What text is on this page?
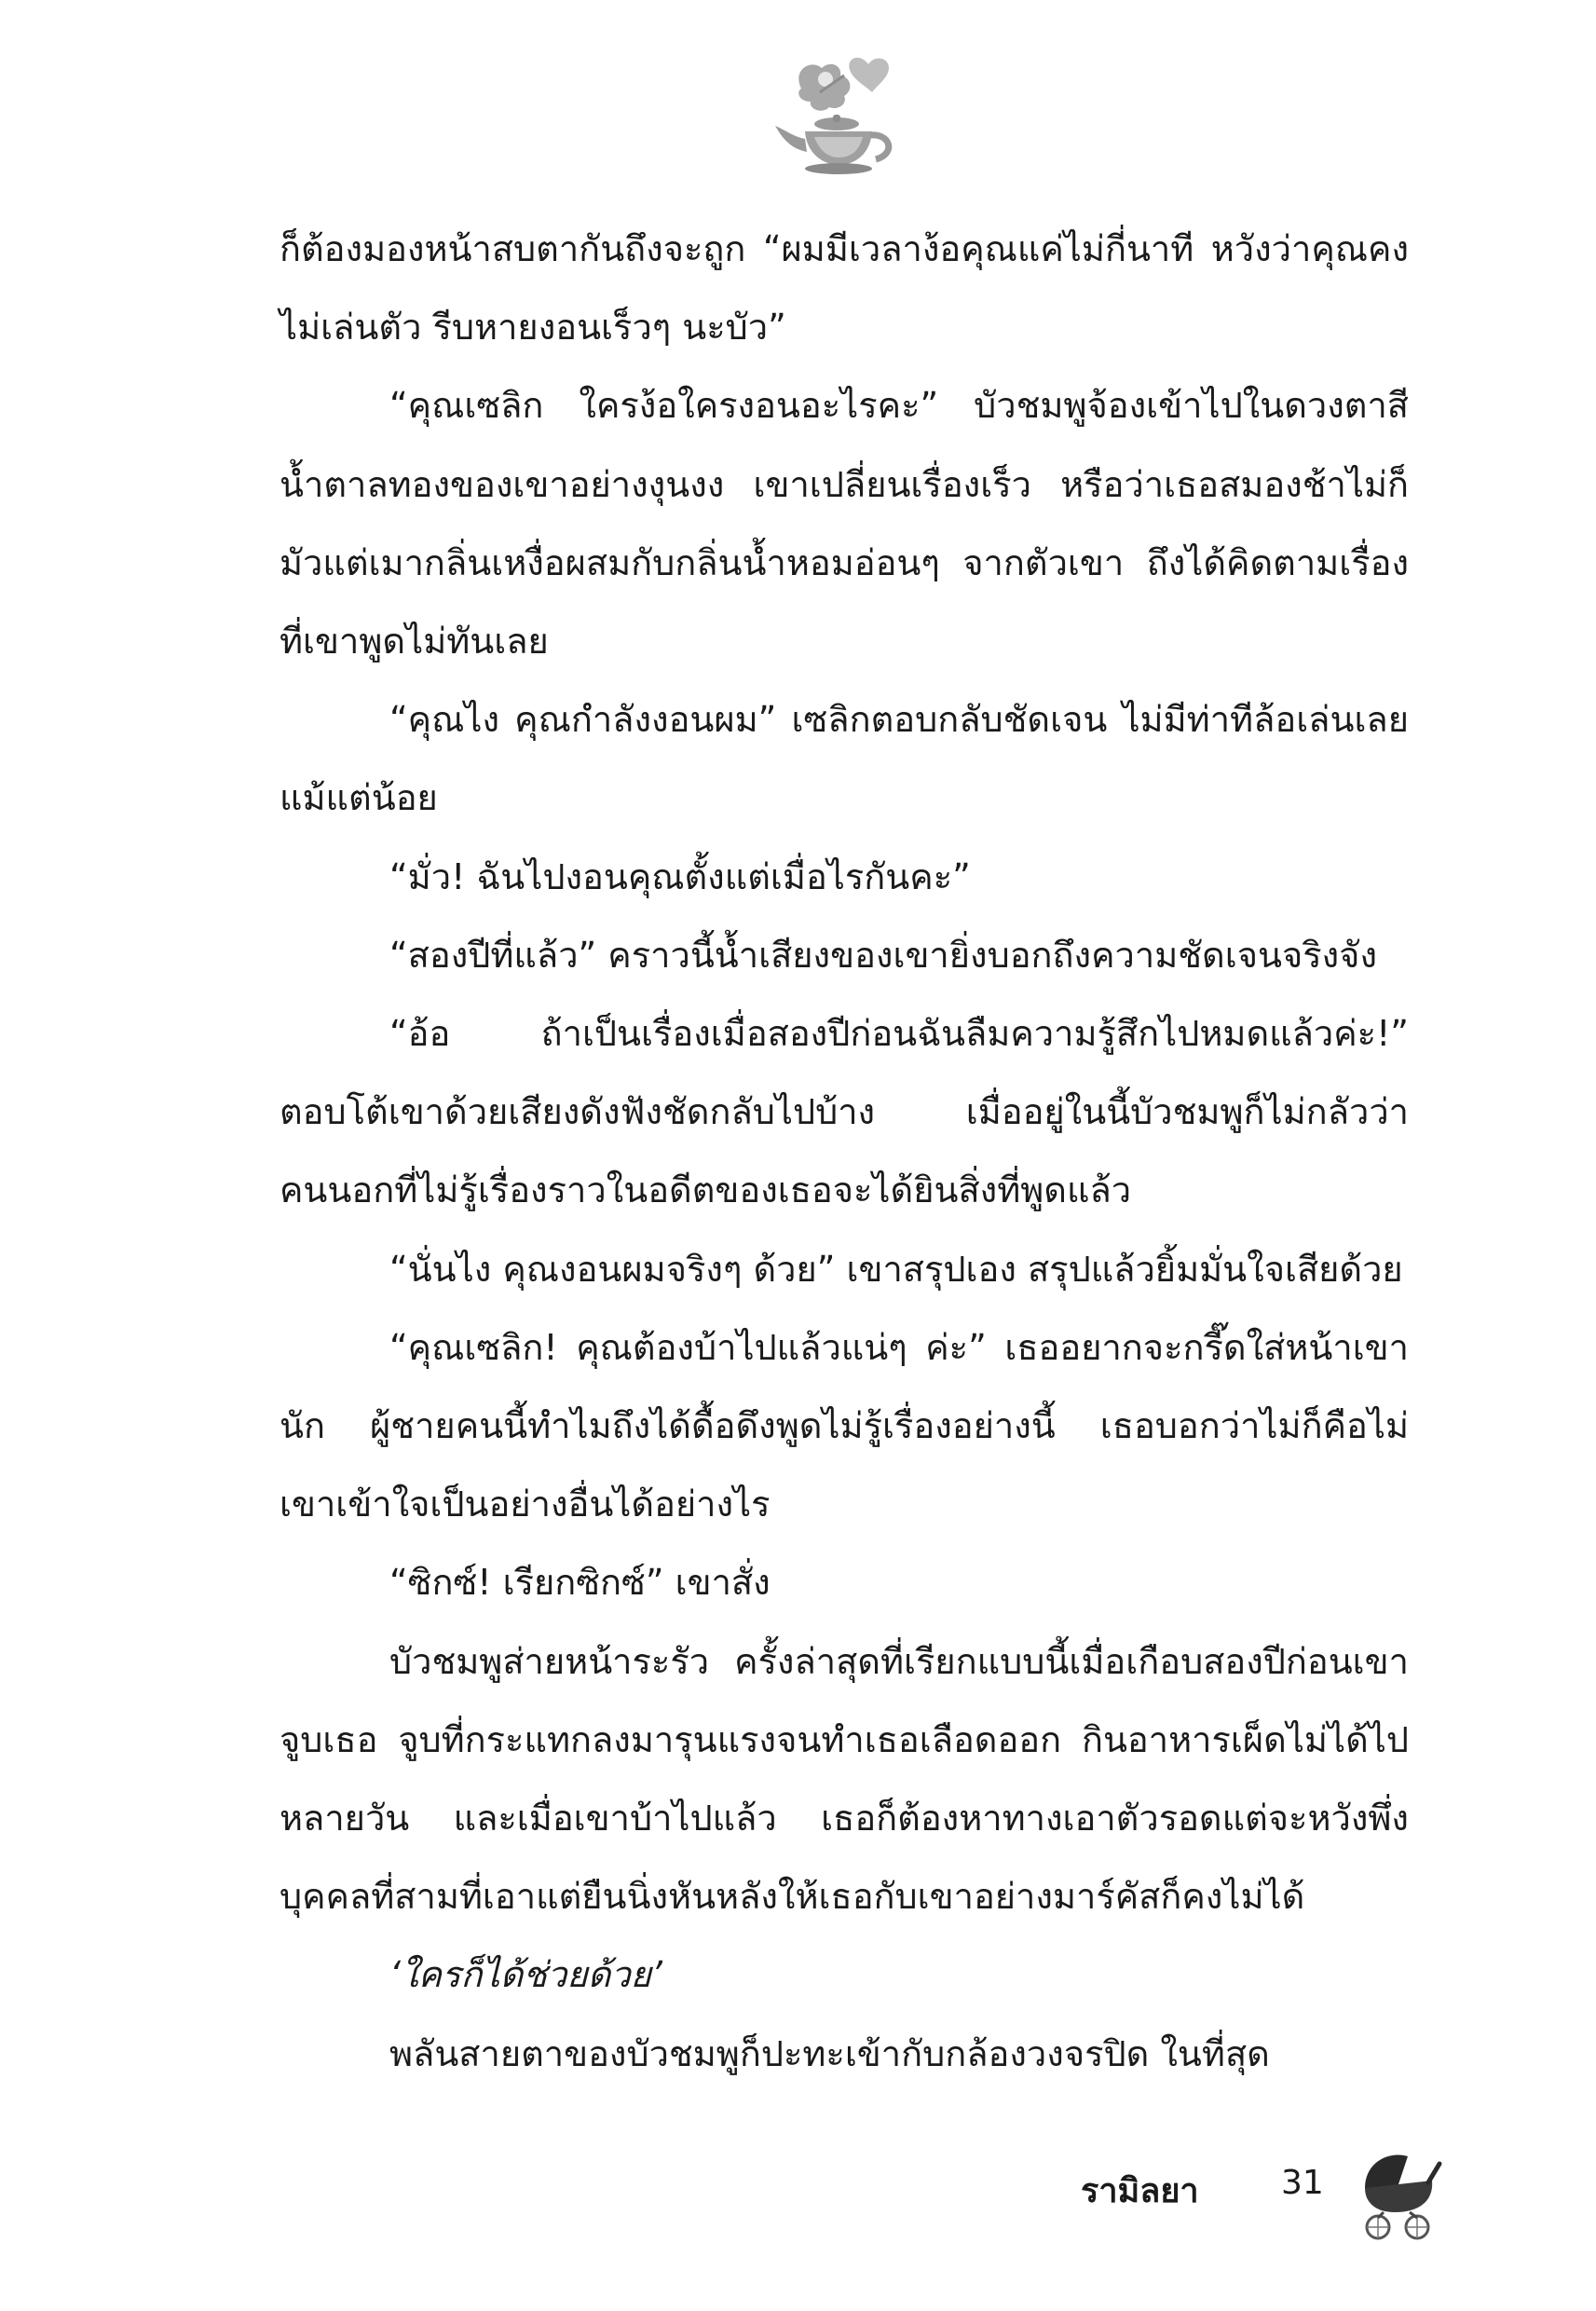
ก็ต้องมองหน้าสบตากันถึงจะถูก “ผมมีเวลาง้อคุณแค่ไม่กี่นาที หวังว่าคุณคงไม่เล่นตัว รีบหายงอนเร็วๆ นะบัว”

“คุณเซลิก ใครง้อใครงอนอะไรคะ” บัวชมพูจ้องเข้าไปในดวงตาสีน้ำตาลทองของเขาอย่างงุนงง เขาเปลี่ยนเรื่องเร็ว หรือว่าเธอสมองช้าไม่ก็มัวแต่เมากลิ่นเหงื่อผสมกับกลิ่นน้ำหอมอ่อนๆ จากตัวเขา ถึงได้คิดตามเรื่องที่เขาพูดไม่ทันเลย

“คุณไง คุณกำลังงอนผม” เซลิกตอบกลับชัดเจน ไม่มีท่าทีล้อเล่นเลยแม้แต่น้อย

“มั่ว! ฉันไปงอนคุณตั้งแต่เมื่อไรกันคะ”

“สองปีที่แล้ว” คราวนี้น้ำเสียงของเขายิ่งบอกถึงความชัดเจนจริงจัง

“อ้อ ถ้าเป็นเรื่องเมื่อสองปีก่อนฉันลืมความรู้สึกไปหมดแล้วค่ะ!” ตอบโต้เขาด้วยเสียงดังฟังชัดกลับไปบ้าง เมื่ออยู่ในนี้บัวชมพูก็ไม่กลัวว่าคนนอกที่ไม่รู้เรื่องราวในอดีตของเธอจะได้ยินสิ่งที่พูดแล้ว

“นั่นไง คุณงอนผมจริงๆ ด้วย” เขาสรุปเอง สรุปแล้วยิ้มมั่นใจเสียด้วย

“คุณเซลิก! คุณต้องบ้าไปแล้วแน่ๆ ค่ะ” เธออยากจะกรี๊ดใส่หน้าเขานัก ผู้ชายคนนี้ทำไมถึงได้ดื้อดึงพูดไม่รู้เรื่องอย่างนี้ เธอบอกว่าไม่ก็คือไม่ เขาเข้าใจเป็นอย่างอื่นได้อย่างไร

“ซิกซ์! เรียกซิกซ์” เขาสั่ง

บัวชมพูส่ายหน้าระรัว ครั้งล่าสุดที่เรียกแบบนี้เมื่อเกือบสองปีก่อนเขาจูบเธอ จูบที่กระแทกลงมารุนแรงจนทำเธอเลือดออก กินอาหารเผ็ดไม่ได้ไปหลายวัน และเมื่อเขาบ้าไปแล้ว เธอก็ต้องหาทางเอาตัวรอดแต่จะหวังพึ่งบุคคลที่สามที่เอาแต่ยืนนิ่งหันหลังให้เธอกับเขาอย่างมาร์คัสก็คงไม่ได้

‘ใครก็ได้ช่วยด้วย’

พลันสายตาของบัวชมพูก็ปะทะเข้ากับกล้องวงจรปิด ในที่สุด

รามิลยา 31
